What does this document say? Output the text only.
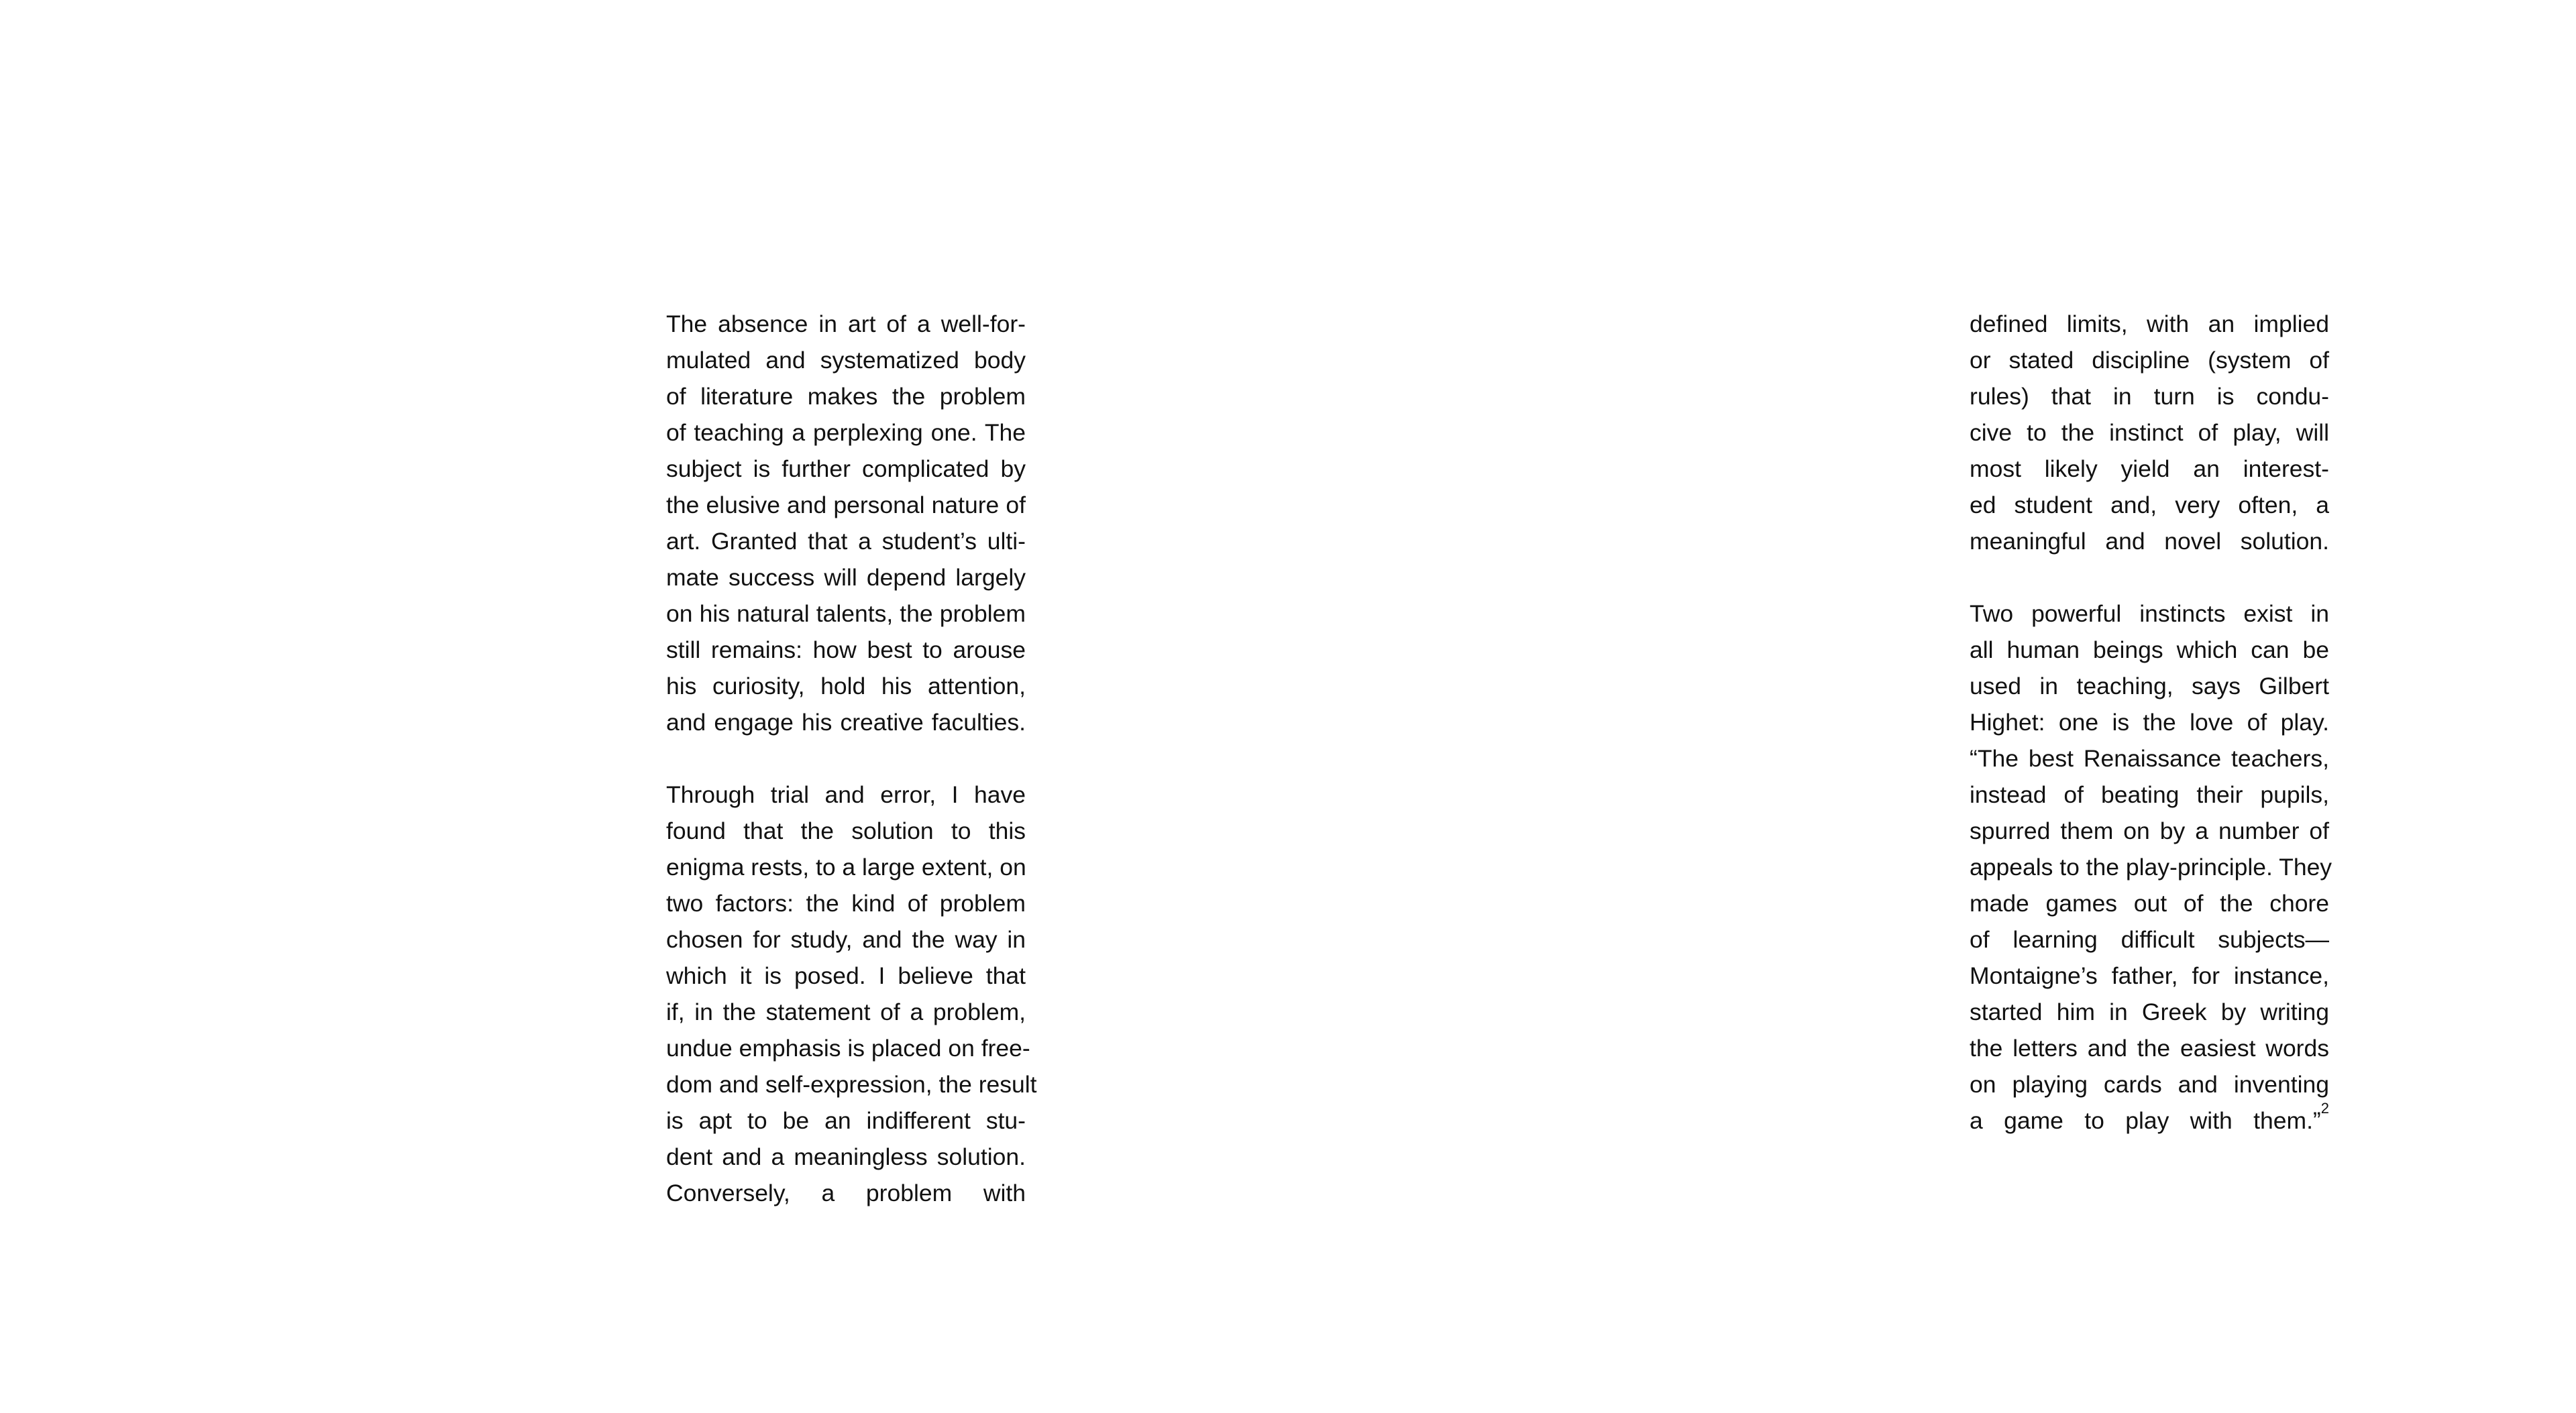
The absence in art of a well-for-
mulated and systematized body
of literature makes the problem
of teaching a perplexing one. The
subject is further complicated by
the elusive and personal nature of
art. Granted that a student’s ulti-
mate success will depend largely
on his natural talents, the problem
still remains: how best to arouse
his curiosity, hold his attention,
and engage his creative faculties.
Through trial and error, I have
found that the solution to this
enigma rests, to a large extent, on
two factors: the kind of problem
chosen for study, and the way in
which it is posed. I believe that
if, in the statement of a problem,
undue emphasis is placed on free-
dom and self-expression, the result
is apt to be an indifferent stu-
dent and a meaningless solution.
Conversely, a problem with
defined limits, with an implied
or stated discipline (system of
rules) that in turn is condu-
cive to the instinct of play, will
most likely yield an interest-
ed student and, very often, a
meaningful and novel solution.
Two powerful instincts exist in
all human beings which can be
used in teaching, says Gilbert
Highet: one is the love of play.
“The best Renaissance teachers,
instead of beating their pupils,
spurred them on by a number of
appeals to the play-principle. They
made games out of the chore
of learning difficult subjects—
Montaigne’s father, for instance,
started him in Greek by writing
the letters and the easiest words
on playing cards and inventing
a game to play with them.”$^2$
